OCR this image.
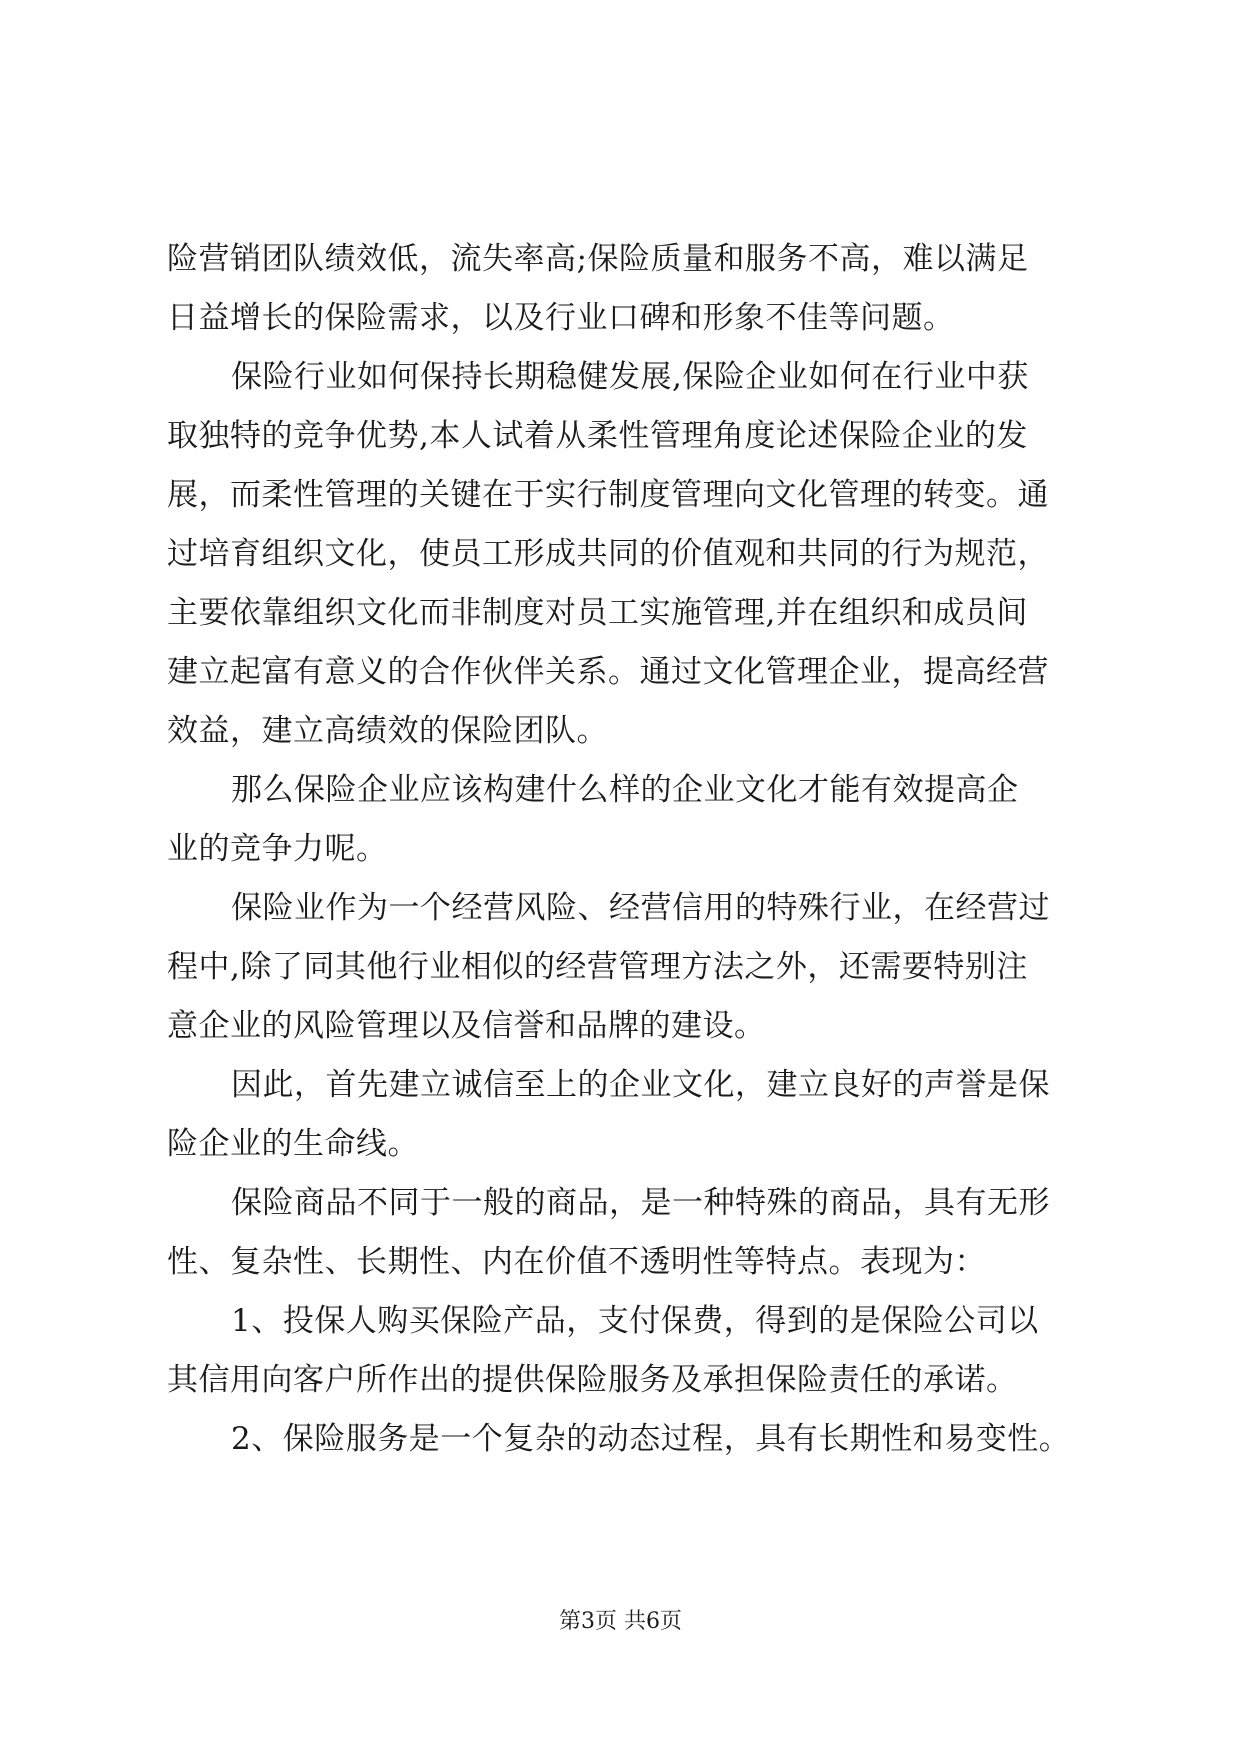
险营销团队绩效低，流失率高;保险质量和服务不高，难以满足
日益增长的保险需求，以及行业口碑和形象不佳等问题。
保险行业如何保持长期稳健发展,保险企业如何在行业中获
取独特的竞争优势,本人试着从柔性管理角度论述保险企业的发
展，而柔性管理的关键在于实行制度管理向文化管理的转变。通
过培育组织文化，使员工形成共同的价值观和共同的行为规范，
主要依靠组织文化而非制度对员工实施管理,并在组织和成员间
建立起富有意义的合作伙伴关系。通过文化管理企业，提高经营
效益，建立高绩效的保险团队。
那么保险企业应该构建什么样的企业文化才能有效提高企
业的竞争力呢。
保险业作为一个经营风险、经营信用的特殊行业，在经营过
程中,除了同其他行业相似的经营管理方法之外，还需要特别注
意企业的风险管理以及信誉和品牌的建设。
因此，首先建立诚信至上的企业文化，建立良好的声誉是保
险企业的生命线。
保险商品不同于一般的商品，是一种特殊的商品，具有无形
性、复杂性、长期性、内在价值不透明性等特点。表现为：
1、投保人购买保险产品，支付保费，得到的是保险公司以
其信用向客户所作出的提供保险服务及承担保险责任的承诺。
2、保险服务是一个复杂的动态过程，具有长期性和易变性。
第3页 共6页
